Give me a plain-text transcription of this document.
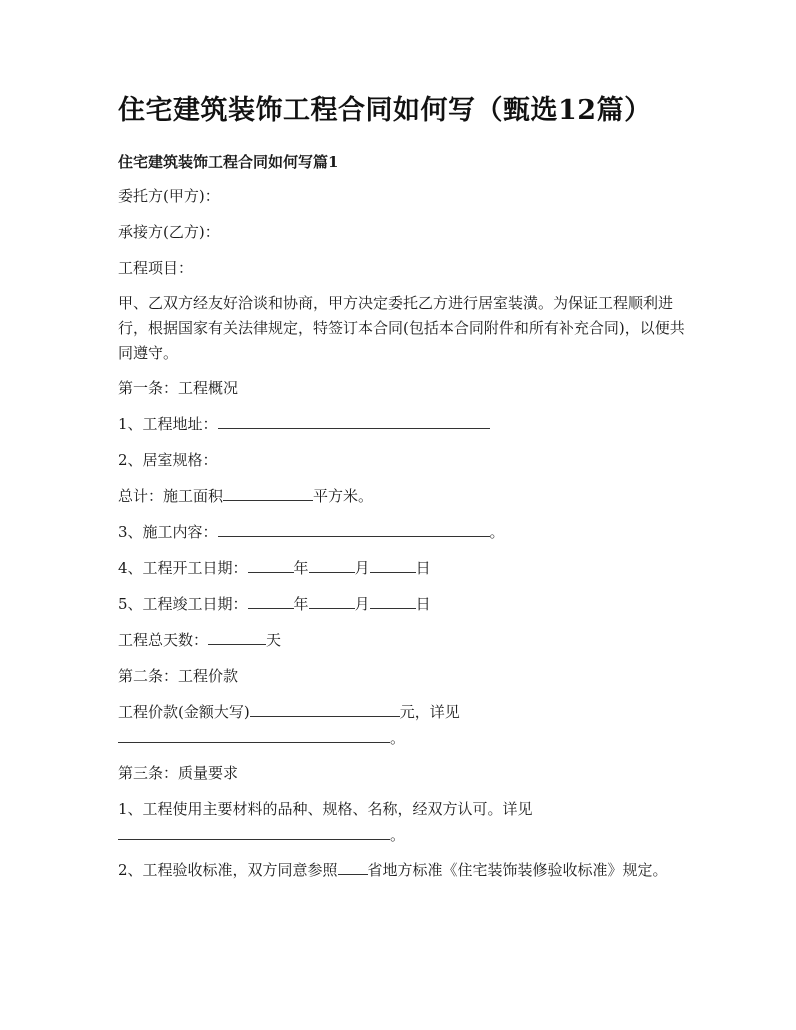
住宅建筑装饰工程合同如何写（甄选12篇）
住宅建筑装饰工程合同如何写篇1
委托方(甲方)：
承接方(乙方)：
工程项目：
甲、乙双方经友好洽谈和协商，甲方决定委托乙方进行居室装潢。为保证工程顺利进行，根据国家有关法律规定，特签订本合同(包括本合同附件和所有补充合同)，以便共同遵守。
第一条：工程概况
1、工程地址：
2、居室规格：
总计：施工面积	平方米。
3、施工内容：	。
4、工程开工日期：	年	月	日
5、工程竣工日期：	年	月	日
工程总天数：	天
第二条：工程价款
工程价款(金额大写)	元，详见
。
第三条：质量要求
1、工程使用主要材料的品种、规格、名称，经双方认可。详见
。
2、工程验收标准，双方同意参照 省地方标准《住宅装饰装修验收标准》规定。
